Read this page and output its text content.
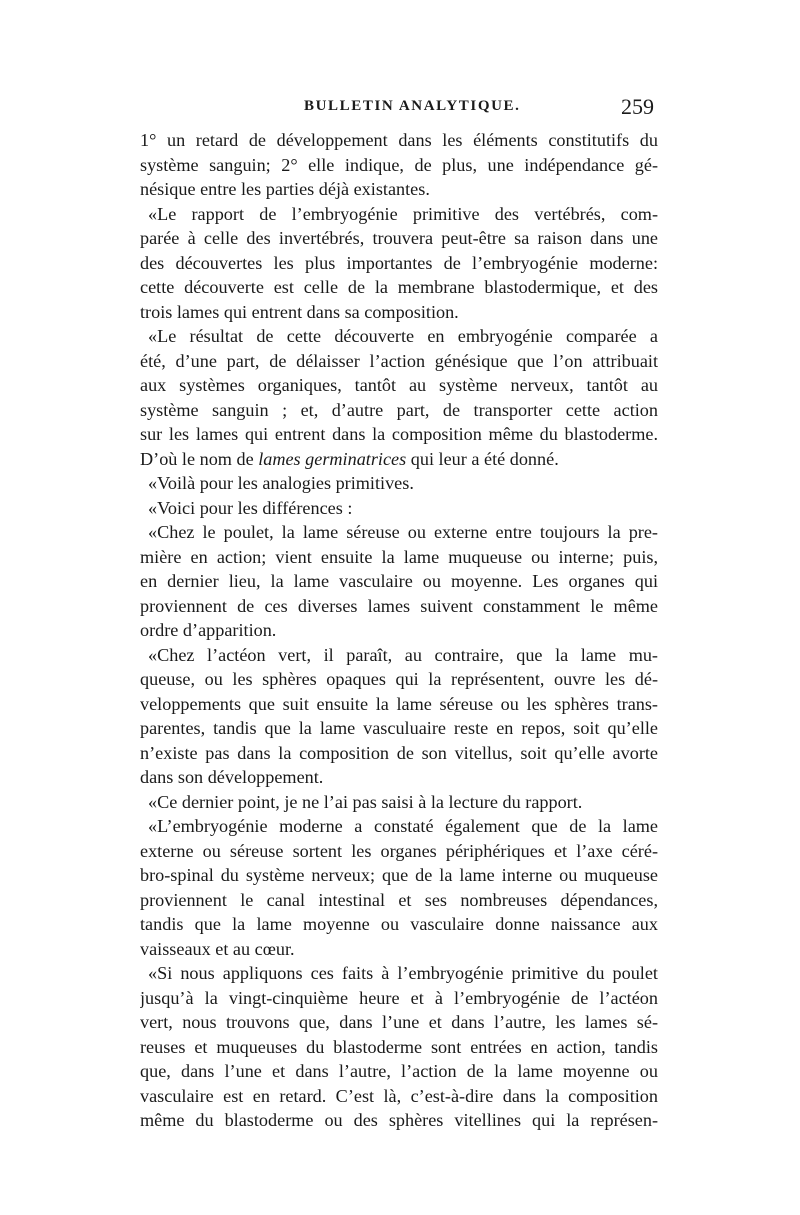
BULLETIN ANALYTIQUE.	259
1° un retard de développement dans les éléments constitutifs du
système sanguin; 2° elle indique, de plus, une indépendance gé-
nésique entre les parties déjà existantes.
«Le rapport de l’embryogénie primitive des vertébrés, com-
parée à celle des invertébrés, trouvera peut-être sa raison dans une
des découvertes les plus importantes de l’embryogénie moderne:
cette découverte est celle de la membrane blastodermique, et des
trois lames qui entrent dans sa composition.
«Le résultat de cette découverte en embryogénie comparée a
été, d’une part, de délaisser l’action génésique que l’on attribuait
aux systèmes organiques, tantôt au système nerveux, tantôt au
système sanguin ; et, d’autre part, de transporter cette action
sur les lames qui entrent dans la composition même du blastoderme.
D’où le nom de lames germinatrices qui leur a été donné.
«Voilà pour les analogies primitives.
«Voici pour les différences :
«Chez le poulet, la lame séreuse ou externe entre toujours la pre-
mière en action; vient ensuite la lame muqueuse ou interne; puis,
en dernier lieu, la lame vasculaire ou moyenne. Les organes qui
proviennent de ces diverses lames suivent constamment le même
ordre d’apparition.
«Chez l’actéon vert, il paraît, au contraire, que la lame mu-
queuse, ou les sphères opaques qui la représentent, ouvre les dé-
veloppements que suit ensuite la lame séreuse ou les sphères trans-
parentes, tandis que la lame vasculuaire reste en repos, soit qu’elle
n’existe pas dans la composition de son vitellus, soit qu’elle avorte
dans son développement.
«Ce dernier point, je ne l’ai pas saisi à la lecture du rapport.
«L’embryogénie moderne a constaté également que de la lame
externe ou séreuse sortent les organes périphériques et l’axe céré-
bro-spinal du système nerveux; que de la lame interne ou muqueuse
proviennent le canal intestinal et ses nombreuses dépendances,
tandis que la lame moyenne ou vasculaire donne naissance aux
vaisseaux et au cœur.
«Si nous appliquons ces faits à l’embryogénie primitive du poulet
jusqu’à la vingt-cinquième heure et à l’embryogénie de l’actéon
vert, nous trouvons que, dans l’une et dans l’autre, les lames sé-
reuses et muqueuses du blastoderme sont entrées en action, tandis
que, dans l’une et dans l’autre, l’action de la lame moyenne ou
vasculaire est en retard. C’est là, c’est-à-dire dans la composition
même du blastoderme ou des sphères vitellines qui la représen-
